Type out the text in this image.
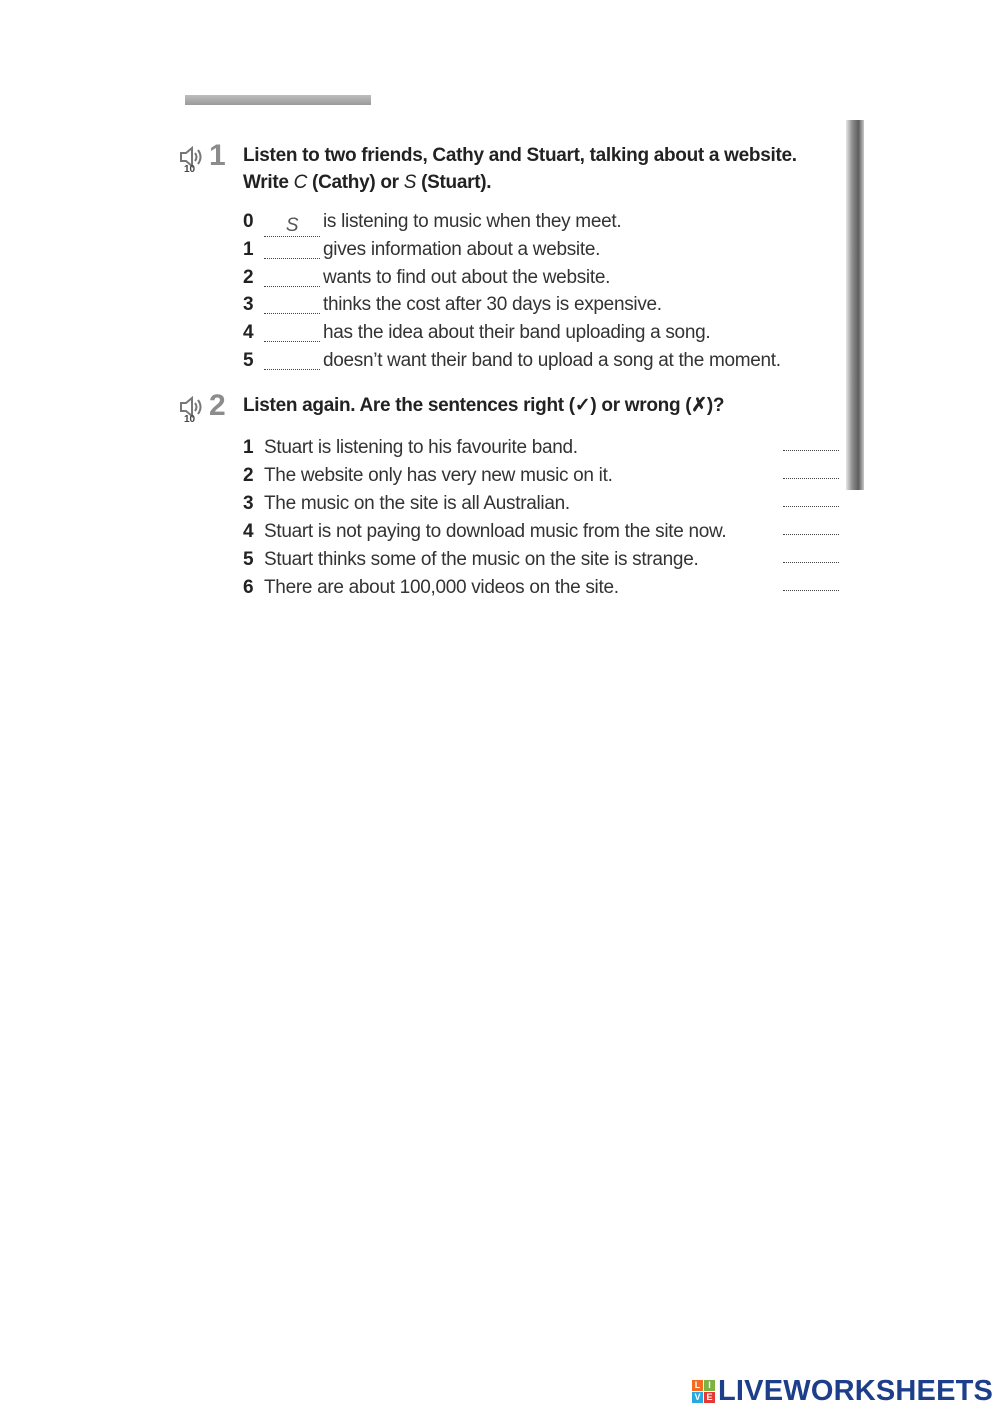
10 1 Listen to two friends, Cathy and Stuart, talking about a website.
Write C (Cathy) or S (Stuart).
0 S is listening to music when they meet.
1	gives information about a website.
2	wants to find out about the website.
3	thinks the cost after 30 days is expensive.
4	has the idea about their band uploading a song.
5	doesn’t want their band to upload a song at the moment.
10 2 Listen again. Are the sentences right (✓) or wrong (✗)?
1 Stuart is listening to his favourite band.
2 The website only has very new music on it.
3 The music on the site is all Australian.
4 Stuart is not paying to download music from the site now.
5 Stuart thinks some of the music on the site is strange.
6 There are about 100,000 videos on the site.
L I
V E LIVEWORKSHEETS
